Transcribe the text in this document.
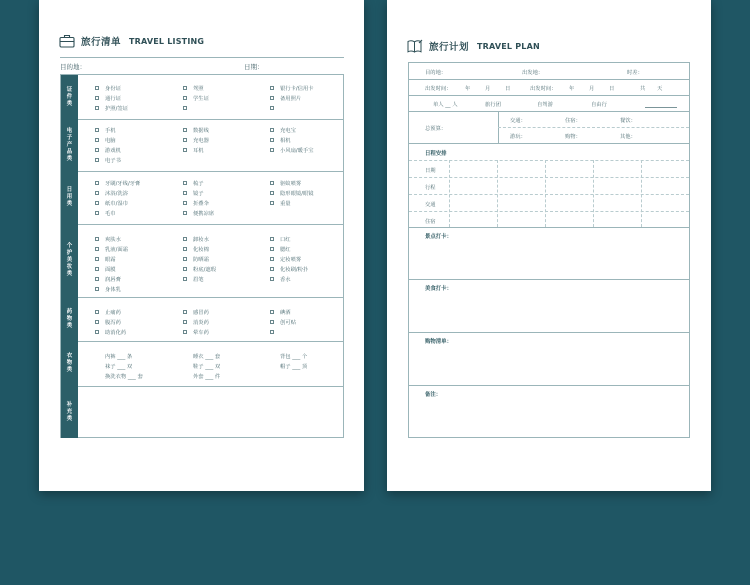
旅行清单 TRAVEL LISTING
目的地：	日期：
证
件
类
身份证	驾照	银行卡/信用卡
通行证	学生证	备用照片
护照/签证
电
子
产
品
类
手机	数据线	充电宝
电脑	充电器	相机
游戏机	耳机	小风扇/暖手宝
电子书
日
用
类
牙刷/牙线/牙膏	梳子	驱蚊喷雾
沐浴/洗浴	镜子	隐形眼镜/眼镜
纸巾/湿巾	折叠伞	重量
毛巾	便携凉席
个
护
美
妆
类
爽肤水	卸妆水	口红
乳液/面霜	化妆棉	腮红
眼霜	防晒霜	定妆喷雾
面膜	粉底/遮瑕	化妆刷/粉扑
润唇膏	眉笔	香水
身体乳
药
物
类
止痛药	感冒药	碘酒
腹泻药	消炎药	创可贴
助消化药	晕车药
衣
物
类
内裤 ___ 条	睡衣 ___ 套	背包 ___ 个
袜子 ___ 双	鞋子 ___ 双	帽子 ___ 顶
换洗衣物 ___ 套	外套 ___ 件
补
充
类
旅行计划 TRAVEL PLAN
目的地：	出发地：	时差：
出发时间：	年	月	日	出发时间： 年	月	日	共 天
单人 __ 人	旅行团	自驾游	自由行
总预算：
交通：	住宿：	餐饮：
游玩：	购物：	其他：
日程安排
日期
行程
交通
住宿
景点打卡：
美食打卡：
购物清单：
备注：
